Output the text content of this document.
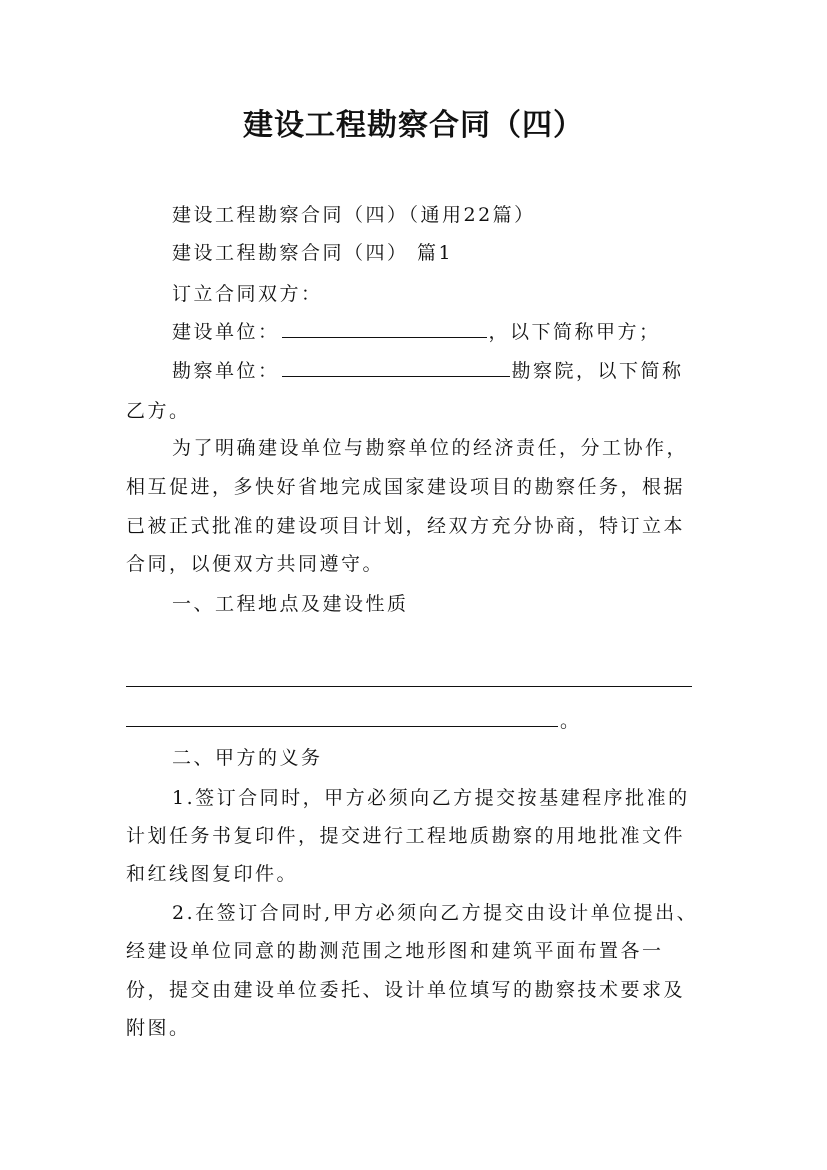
建设工程勘察合同（四）
建设工程勘察合同（四）（通用22篇）
建设工程勘察合同（四） 篇1
订立合同双方：
建设单位：	，以下简称甲方；
勘察单位：	勘察院，以下简称
乙方。
为了明确建设单位与勘察单位的经济责任，分工协作，
相互促进，多快好省地完成国家建设项目的勘察任务，根据
已被正式批准的建设项目计划，经双方充分协商，特订立本
合同，以便双方共同遵守。
一、工程地点及建设性质
。
二、甲方的义务
1.签订合同时，甲方必须向乙方提交按基建程序批准的
计划任务书复印件，提交进行工程地质勘察的用地批准文件
和红线图复印件。
2.在签订合同时,甲方必须向乙方提交由设计单位提出、
经建设单位同意的勘测范围之地形图和建筑平面布置各一
份，提交由建设单位委托、设计单位填写的勘察技术要求及
附图。
